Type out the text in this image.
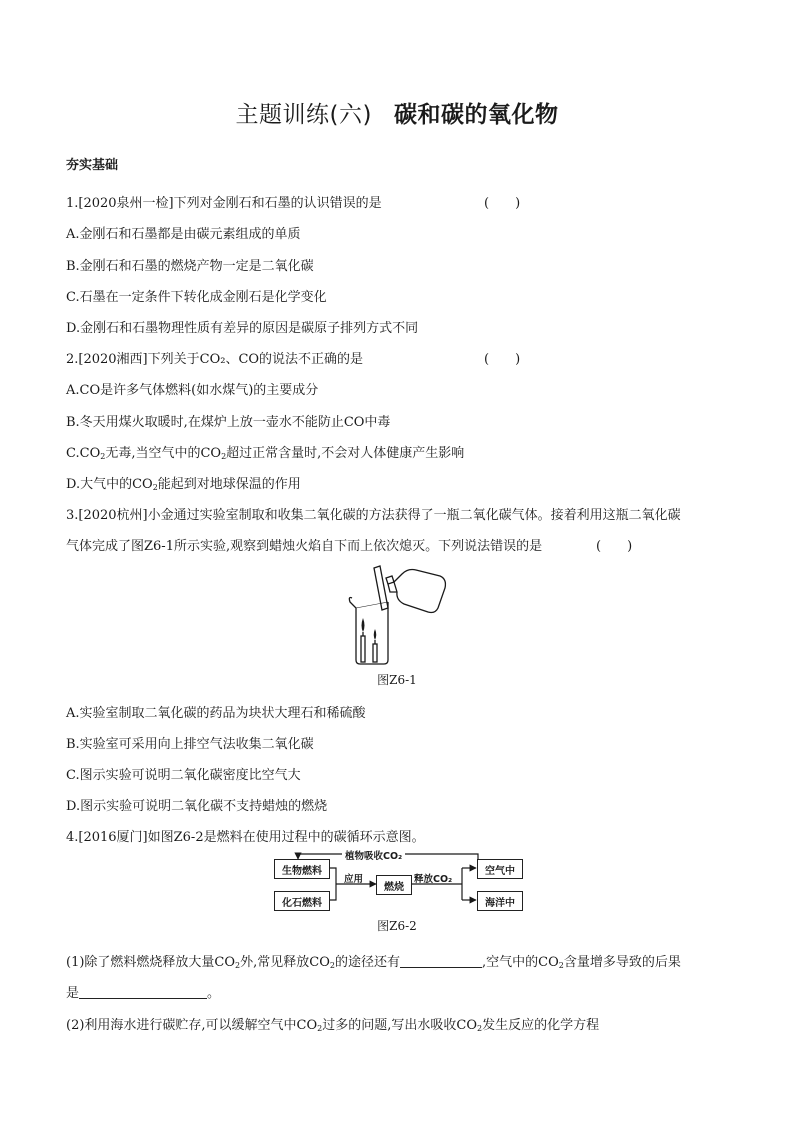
主题训练(六) 碳和碳的氧化物
夯实基础
1.[2020泉州一检]下列对金刚石和石墨的认识错误的是	(　　)
A.金刚石和石墨都是由碳元素组成的单质
B.金刚石和石墨的燃烧产物一定是二氧化碳
C.石墨在一定条件下转化成金刚石是化学变化
D.金刚石和石墨物理性质有差异的原因是碳原子排列方式不同
2.[2020湘西]下列关于CO₂、CO的说法不正确的是	(　　)
A.CO是许多气体燃料(如水煤气)的主要成分
B.冬天用煤火取暖时,在煤炉上放一壶水不能防止CO中毒
$C.CO_2$无毒,当空气中的$CO_2$超过正常含量时,不会对人体健康产生影响
D.大气中的$CO_2$能起到对地球保温的作用
3.[2020杭州]小金通过实验室制取和收集二氧化碳的方法获得了一瓶二氧化碳气体。接着利用这瓶二氧化碳
气体完成了图Z6-1所示实验,观察到蜡烛火焰自下而上依次熄灭。下列说法错误的是	(　　)
图Z6-1
A.实验室制取二氧化碳的药品为块状大理石和稀硫酸
B.实验室可采用向上排空气法收集二氧化碳
C.图示实验可说明二氧化碳密度比空气大
D.图示实验可说明二氧化碳不支持蜡烛的燃烧
4.[2016厦门]如图Z6-2是燃料在使用过程中的碳循环示意图。
生物燃料
化石燃料
燃烧
空气中
海洋中
植物吸收CO₂
应用	释放CO₂
图Z6-2
(1)除了燃料燃烧释放大量$CO_2$外,常见释放$CO_2$的途径还有	,空气中的$CO_2$含量增多导致的后果
是	。
(2)利用海水进行碳贮存,可以缓解空气中$CO_2$过多的问题,写出水吸收$CO_2$发生反应的化学方程
